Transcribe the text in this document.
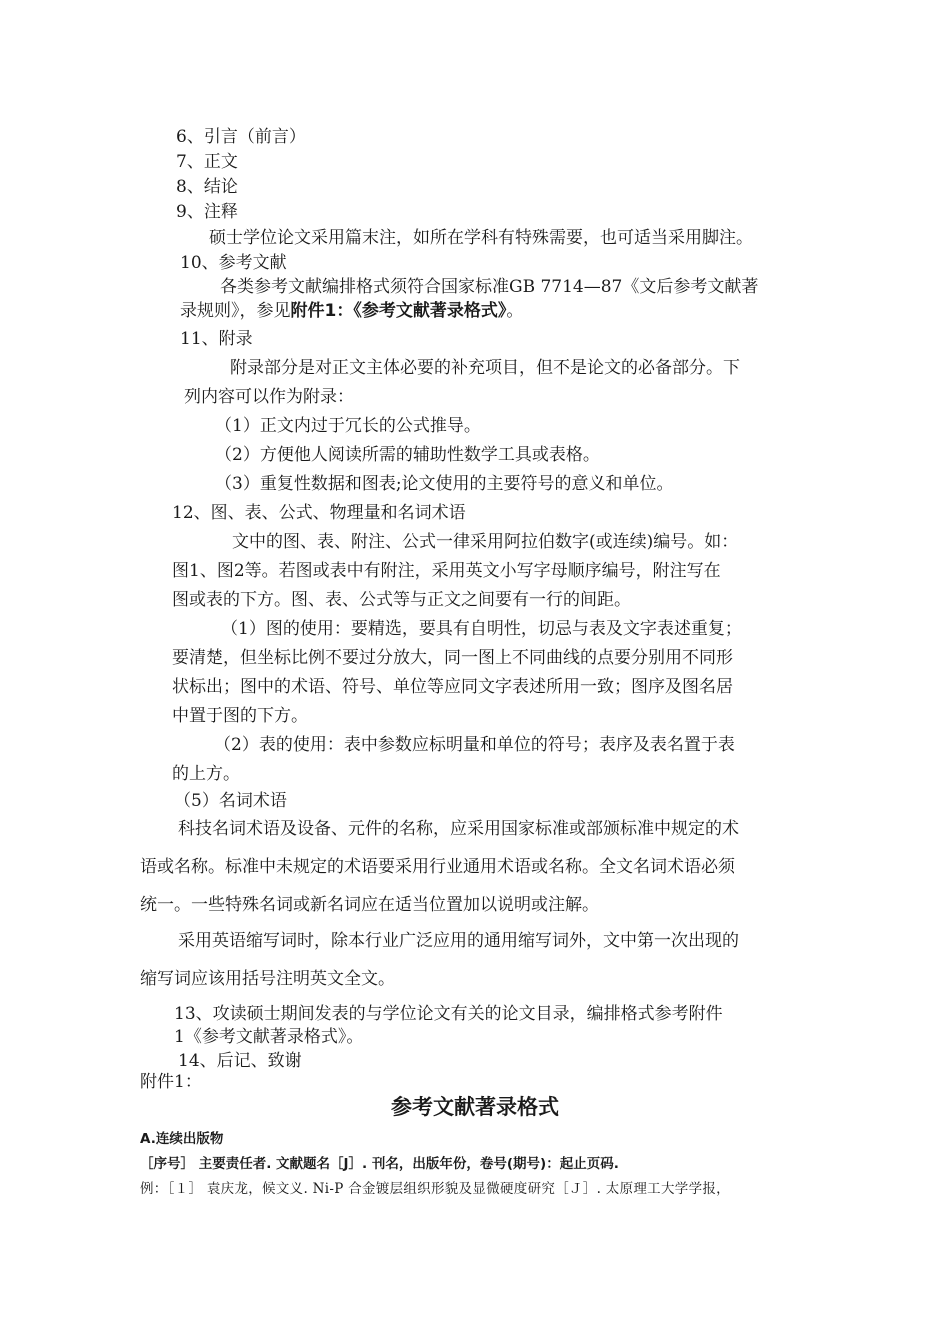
6、引言（前言）
7、正文
8、结论
9、注释
硕士学位论文采用篇末注，如所在学科有特殊需要，也可适当采用脚注。
10、参考文献
各类参考文献编排格式须符合国家标准GB 7714—87《文后参考文献著
录规则》，参见附件1：《参考文献著录格式》。
11、附录
附录部分是对正文主体必要的补充项目，但不是论文的必备部分。下
列内容可以作为附录：
（1）正文内过于冗长的公式推导。
（2）方便他人阅读所需的辅助性数学工具或表格。
（3）重复性数据和图表;论文使用的主要符号的意义和单位。
12、图、表、公式、物理量和名词术语
文中的图、表、附注、公式一律采用阿拉伯数字(或连续)编号。如：
图1、图2等。若图或表中有附注，采用英文小写字母顺序编号，附注写在
图或表的下方。图、表、公式等与正文之间要有一行的间距。
（1）图的使用：要精选，要具有自明性，切忌与表及文字表述重复；
要清楚，但坐标比例不要过分放大，同一图上不同曲线的点要分别用不同形
状标出；图中的术语、符号、单位等应同文字表述所用一致；图序及图名居
中置于图的下方。
（2）表的使用：表中参数应标明量和单位的符号；表序及表名置于表
的上方。
（5）名词术语
科技名词术语及设备、元件的名称，应采用国家标准或部颁标准中规定的术
语或名称。标准中未规定的术语要采用行业通用术语或名称。全文名词术语必须
统一。一些特殊名词或新名词应在适当位置加以说明或注解。
采用英语缩写词时，除本行业广泛应用的通用缩写词外，文中第一次出现的
缩写词应该用括号注明英文全文。
13、攻读硕士期间发表的与学位论文有关的论文目录，编排格式参考附件
1《参考文献著录格式》。
14、后记、致谢
附件1：
参考文献著录格式
A.连续出版物
［序号］ 主要责任者. 文献题名［J］. 刊名，出版年份，卷号(期号)：起止页码.
例：［１］ 袁庆龙，候文义. Ni-P 合金镀层组织形貌及显微硬度研究［Ｊ］. 太原理工大学学报，
